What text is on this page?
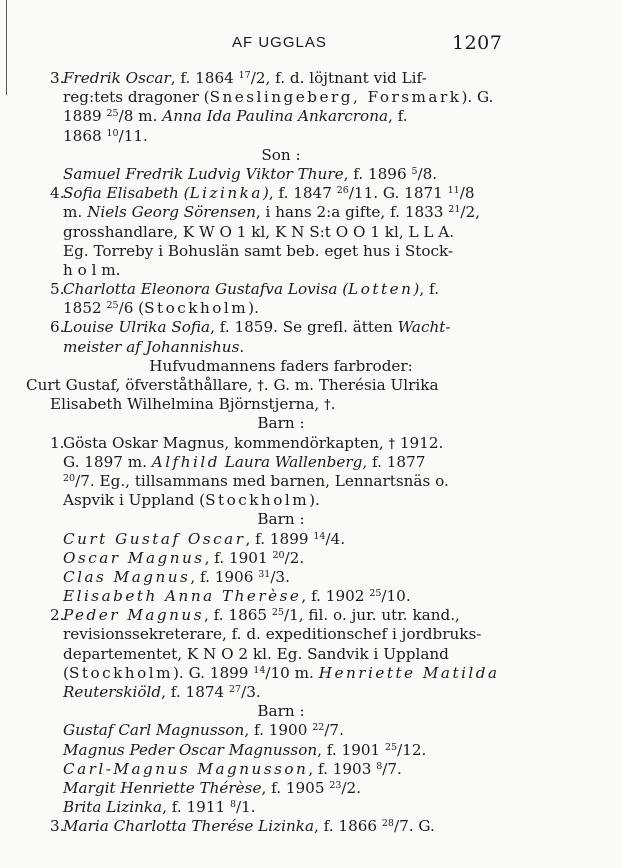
AF UGGLAS	1207
3.Fredrik Oscar, f. 1864 $^{17}$/2, f. d. löjtnant vid Lif-
reg:tets dragoner (Sneslingeberg, Forsmark). G.
1889 $^{25}$/8 m. Anna Ida Paulina Ankarcrona, f.
1868 $^{10}$/11.
Son :
Samuel Fredrik Ludvig Viktor Thure, f. 1896 $^5$/8.
4.Sofia Elisabeth (Lizinka), f. 1847 $^{26}$/11. G. 1871 $^{11}$/8
m. Niels Georg Sörensen, i hans 2:a gifte, f. 1833 $^{21}$/2,
grosshandlare, K W O 1 kl, K N S:t O O 1 kl, L L A.
Eg. Torreby i Bohuslän samt beb. eget hus i Stock-
h o l m.
5.Charlotta Eleonora Gustafva Lovisa (Lotten), f.
1852 $^{25}$/6 (Stockholm).
6.Louise Ulrika Sofia, f. 1859. Se grefl. ätten Wacht-
meister af Johannishus.
Hufvudmannens faders farbroder:
Curt Gustaf, öfverståthållare, †. G. m. Therésia Ulrika
Elisabeth Wilhelmina Björnstjerna, †.
Barn :
1.Gösta Oskar Magnus, kommendörkapten, † 1912.
G. 1897 m. Alfhild Laura Wallenberg, f. 1877
$^{20}$/7. Eg., tillsammans med barnen, Lennartsnäs o.
Aspvik i Uppland (Stockholm).
Barn :
Curt Gustaf Oscar, f. 1899 $^{14}$/4.
Oscar Magnus, f. 1901 $^{20}$/2.
Clas Magnus, f. 1906 $^{31}$/3.
Elisabeth Anna Therèse, f. 1902 $^{25}$/10.
2.Peder Magnus, f. 1865 $^{25}$/1, fil. o. jur. utr. kand.,
revisionssekreterare, f. d. expeditionschef i jordbruks-
departementet, K N O 2 kl. Eg. Sandvik i Uppland
(Stockholm). G. 1899 $^{14}$/10 m. Henriette Matilda
Reuterskiöld, f. 1874 $^{27}$/3.
Barn :
Gustaf Carl Magnusson, f. 1900 $^{22}$/7.
Magnus Peder Oscar Magnusson, f. 1901 $^{25}$/12.
Carl-Magnus Magnusson, f. 1903 $^8$/7.
Margit Henriette Thérèse, f. 1905 $^{23}$/2.
Brita Lizinka, f. 1911 $^8$/1.
3.Maria Charlotta Therése Lizinka, f. 1866 $^{28}$/7. G.
